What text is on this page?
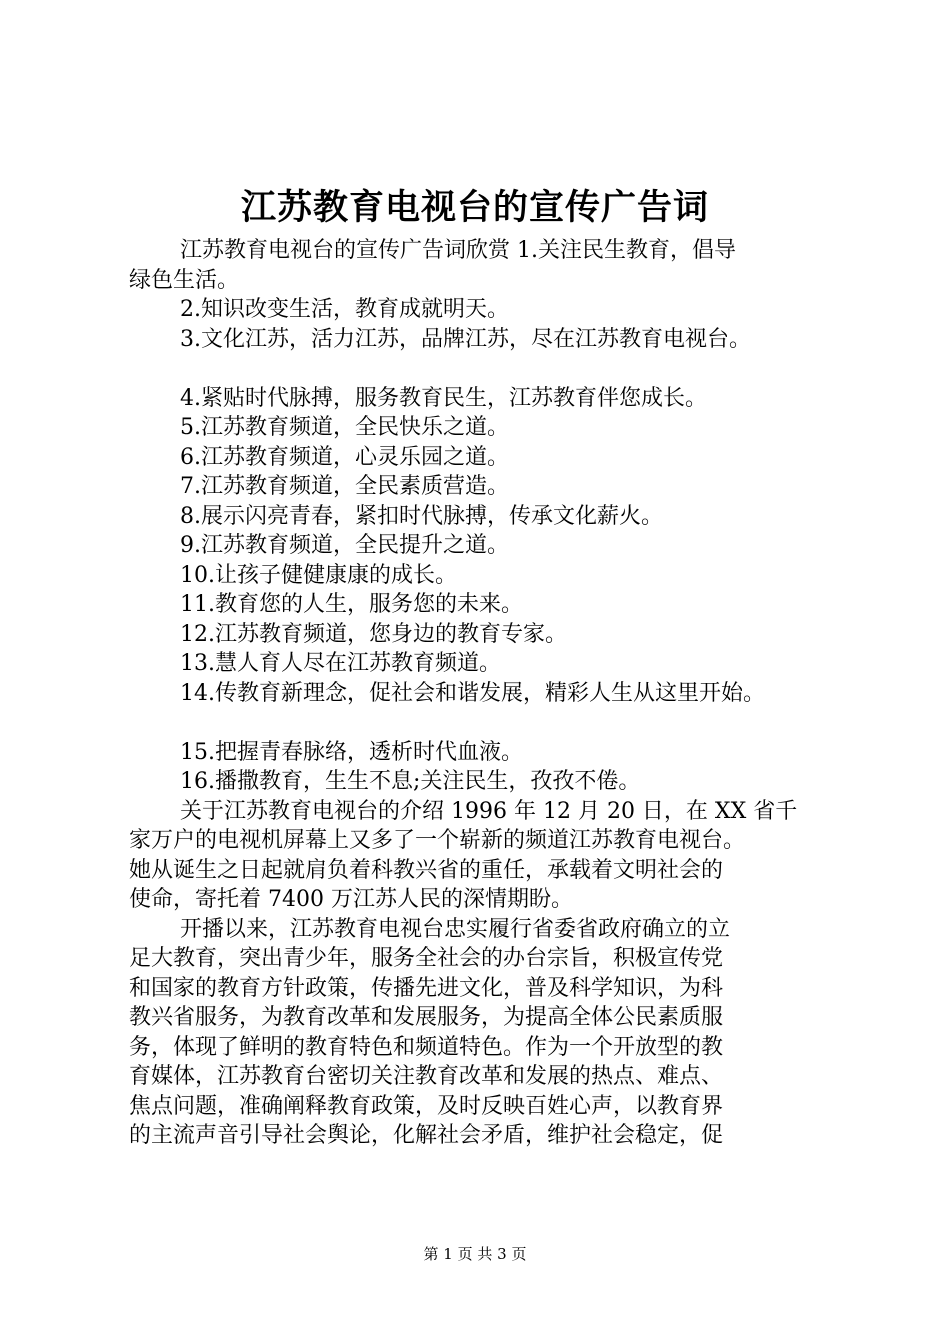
江苏教育电视台的宣传广告词

江苏教育电视台的宣传广告词欣赏 1.关注民生教育，倡导

绿色生活。

2.知识改变生活，教育成就明天。

3.文化江苏，活力江苏，品牌江苏，尽在江苏教育电视台。

4.紧贴时代脉搏，服务教育民生，江苏教育伴您成长。

5.江苏教育频道，全民快乐之道。

6.江苏教育频道，心灵乐园之道。

7.江苏教育频道，全民素质营造。

8.展示闪亮青春，紧扣时代脉搏，传承文化薪火。

9.江苏教育频道，全民提升之道。

10.让孩子健健康康的成长。

11.教育您的人生，服务您的未来。

12.江苏教育频道，您身边的教育专家。

13.慧人育人尽在江苏教育频道。

14.传教育新理念，促社会和谐发展，精彩人生从这里开始。

15.把握青春脉络，透析时代血液。

16.播撒教育，生生不息;关注民生，孜孜不倦。

关于江苏教育电视台的介绍 1996 年 12 月 20 日，在 XX 省千

家万户的电视机屏幕上又多了一个崭新的频道江苏教育电视台。

她从诞生之日起就肩负着科教兴省的重任，承载着文明社会的

使命，寄托着 7400 万江苏人民的深情期盼。

开播以来，江苏教育电视台忠实履行省委省政府确立的立

足大教育，突出青少年，服务全社会的办台宗旨，积极宣传党

和国家的教育方针政策，传播先进文化，普及科学知识，为科

教兴省服务，为教育改革和发展服务，为提高全体公民素质服

务，体现了鲜明的教育特色和频道特色。作为一个开放型的教

育媒体，江苏教育台密切关注教育改革和发展的热点、难点、

焦点问题，准确阐释教育政策，及时反映百姓心声，以教育界

的主流声音引导社会舆论，化解社会矛盾，维护社会稳定，促

第 1 页 共 3 页
